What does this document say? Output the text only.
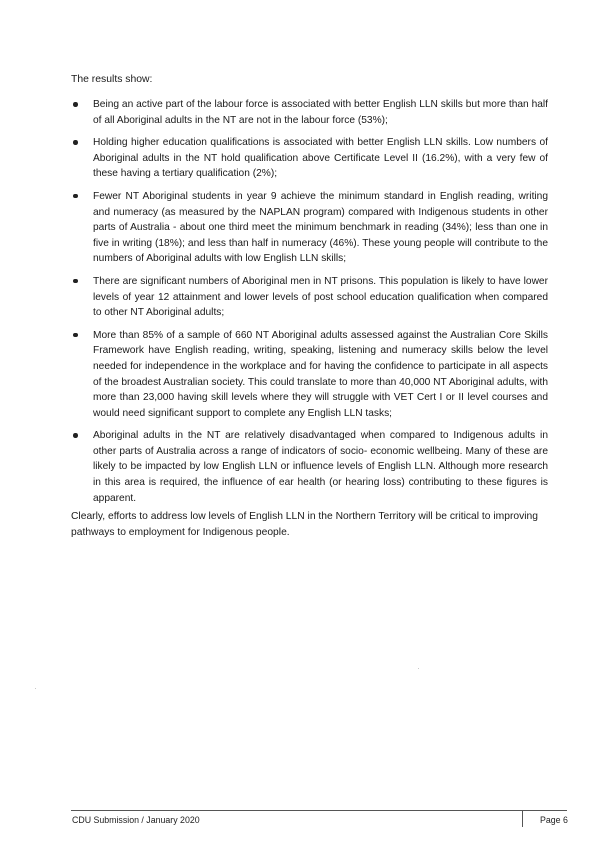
The results show:

Being an active part of the labour force is associated with better English LLN skills but more than half of all Aboriginal adults in the NT are not in the labour force (53%);
Holding higher education qualifications is associated with better English LLN skills. Low numbers of Aboriginal adults in the NT hold qualification above Certificate Level II (16.2%), with a very few of these having a tertiary qualification (2%);
Fewer NT Aboriginal students in year 9 achieve the minimum standard in English reading, writing and numeracy (as measured by the NAPLAN program) compared with Indigenous students in other parts of Australia - about one third meet the minimum benchmark in reading (34%); less than one in five in writing (18%); and less than half in numeracy (46%). These young people will contribute to the numbers of Aboriginal adults with low English LLN skills;
There are significant numbers of Aboriginal men in NT prisons. This population is likely to have lower levels of year 12 attainment and lower levels of post school education qualification when compared to other NT Aboriginal adults;
More than 85% of a sample of 660 NT Aboriginal adults assessed against the Australian Core Skills Framework have English reading, writing, speaking, listening and numeracy skills below the level needed for independence in the workplace and for having the confidence to participate in all aspects of the broadest Australian society. This could translate to more than 40,000 NT Aboriginal adults, with more than 23,000 having skill levels where they will struggle with VET Cert I or II level courses and would need significant support to complete any English LLN tasks;
Aboriginal adults in the NT are relatively disadvantaged when compared to Indigenous adults in other parts of Australia across a range of indicators of socio- economic wellbeing. Many of these are likely to be impacted by low English LLN or influence levels of English LLN. Although more research in this area is required, the influence of ear health (or hearing loss) contributing to these figures is apparent.

Clearly, efforts to address low levels of English LLN in the Northern Territory will be critical to improving pathways to employment for Indigenous people.

CDU Submission / January 2020	Page 6
